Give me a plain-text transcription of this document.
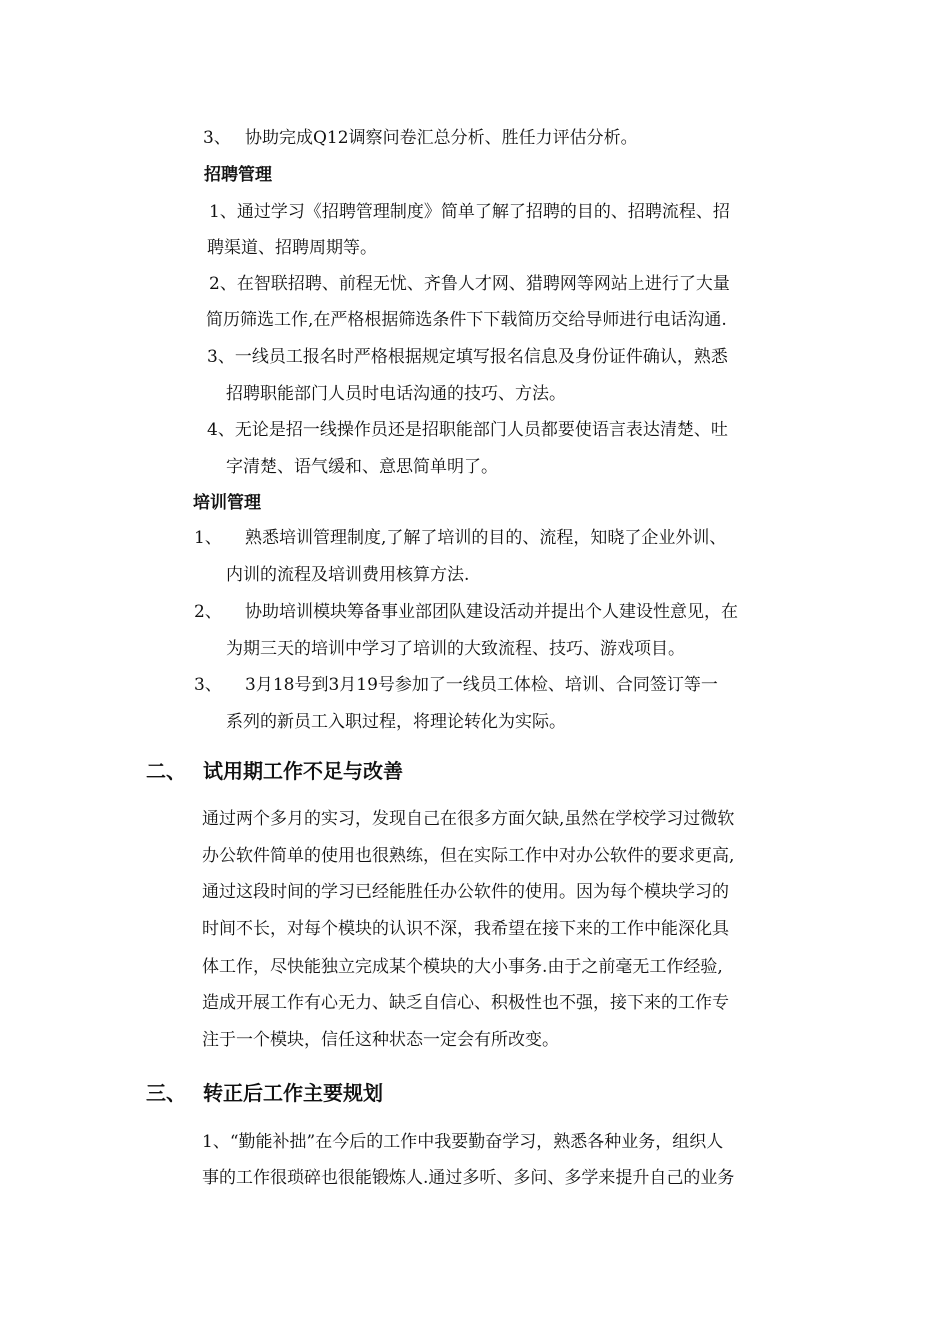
3、 协助完成Q12调察问卷汇总分析、胜任力评估分析。
招聘管理
1、通过学习《招聘管理制度》简单了解了招聘的目的、招聘流程、招
聘渠道、招聘周期等。
2、在智联招聘、前程无忧、齐鲁人才网、猎聘网等网站上进行了大量
简历筛选工作,在严格根据筛选条件下下载简历交给导师进行电话沟通.
3、一线员工报名时严格根据规定填写报名信息及身份证件确认，熟悉
招聘职能部门人员时电话沟通的技巧、方法。
4、无论是招一线操作员还是招职能部门人员都要使语言表达清楚、吐
字清楚、语气缓和、意思简单明了。
培训管理
1、 熟悉培训管理制度,了解了培训的目的、流程，知晓了企业外训、
内训的流程及培训费用核算方法.
2、 协助培训模块筹备事业部团队建设活动并提出个人建设性意见，在
为期三天的培训中学习了培训的大致流程、技巧、游戏项目。
3、 3月18号到3月19号参加了一线员工体检、培训、合同签订等一
系列的新员工入职过程，将理论转化为实际。
二、 试用期工作不足与改善
通过两个多月的实习，发现自己在很多方面欠缺,虽然在学校学习过微软
办公软件简单的使用也很熟练，但在实际工作中对办公软件的要求更高,
通过这段时间的学习已经能胜任办公软件的使用。因为每个模块学习的
时间不长，对每个模块的认识不深，我希望在接下来的工作中能深化具
体工作，尽快能独立完成某个模块的大小事务.由于之前毫无工作经验,
造成开展工作有心无力、缺乏自信心、积极性也不强，接下来的工作专
注于一个模块，信任这种状态一定会有所改变。
三、 转正后工作主要规划
1、“勤能补拙”在今后的工作中我要勤奋学习，熟悉各种业务，组织人
事的工作很琐碎也很能锻炼人.通过多听、多问、多学来提升自己的业务
